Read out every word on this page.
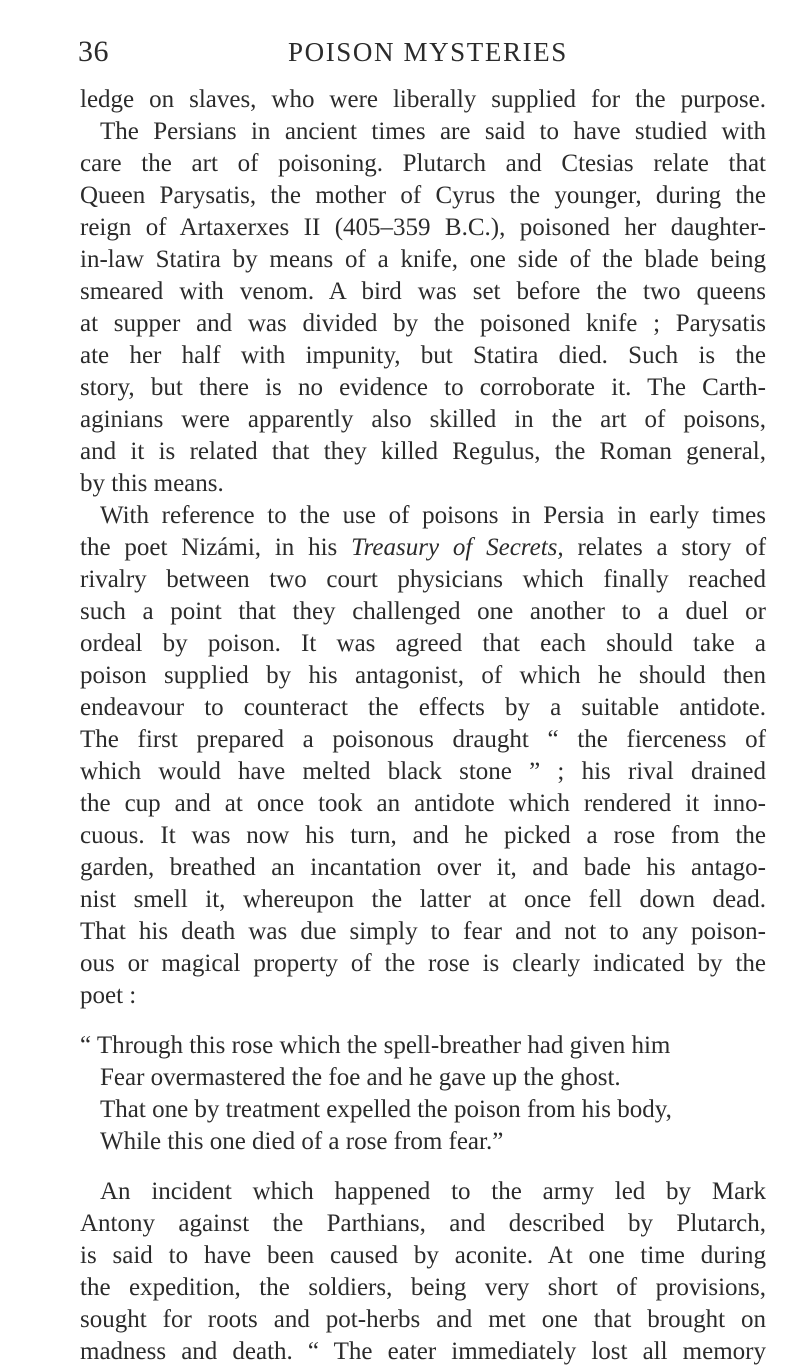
36	POISON MYSTERIES
ledge on slaves, who were liberally supplied for the purpose.
The Persians in ancient times are said to have studied with
care the art of poisoning. Plutarch and Ctesias relate that
Queen Parysatis, the mother of Cyrus the younger, during the
reign of Artaxerxes II (405–359 B.C.), poisoned her daughter-
in-law Statira by means of a knife, one side of the blade being
smeared with venom. A bird was set before the two queens
at supper and was divided by the poisoned knife ; Parysatis
ate her half with impunity, but Statira died. Such is the
story, but there is no evidence to corroborate it. The Carth-
aginians were apparently also skilled in the art of poisons,
and it is related that they killed Regulus, the Roman general,
by this means.
With reference to the use of poisons in Persia in early times
the poet Nizámi, in his Treasury of Secrets, relates a story of
rivalry between two court physicians which finally reached
such a point that they challenged one another to a duel or
ordeal by poison. It was agreed that each should take a
poison supplied by his antagonist, of which he should then
endeavour to counteract the effects by a suitable antidote.
The first prepared a poisonous draught “ the fierceness of
which would have melted black stone ” ; his rival drained
the cup and at once took an antidote which rendered it inno-
cuous. It was now his turn, and he picked a rose from the
garden, breathed an incantation over it, and bade his antago-
nist smell it, whereupon the latter at once fell down dead.
That his death was due simply to fear and not to any poison-
ous or magical property of the rose is clearly indicated by the
poet :
“ Through this rose which the spell-breather had given him
Fear overmastered the foe and he gave up the ghost.
That one by treatment expelled the poison from his body,
While this one died of a rose from fear.”
An incident which happened to the army led by Mark
Antony against the Parthians, and described by Plutarch,
is said to have been caused by aconite. At one time during
the expedition, the soldiers, being very short of provisions,
sought for roots and pot-herbs and met one that brought on
madness and death. “ The eater immediately lost all memory
